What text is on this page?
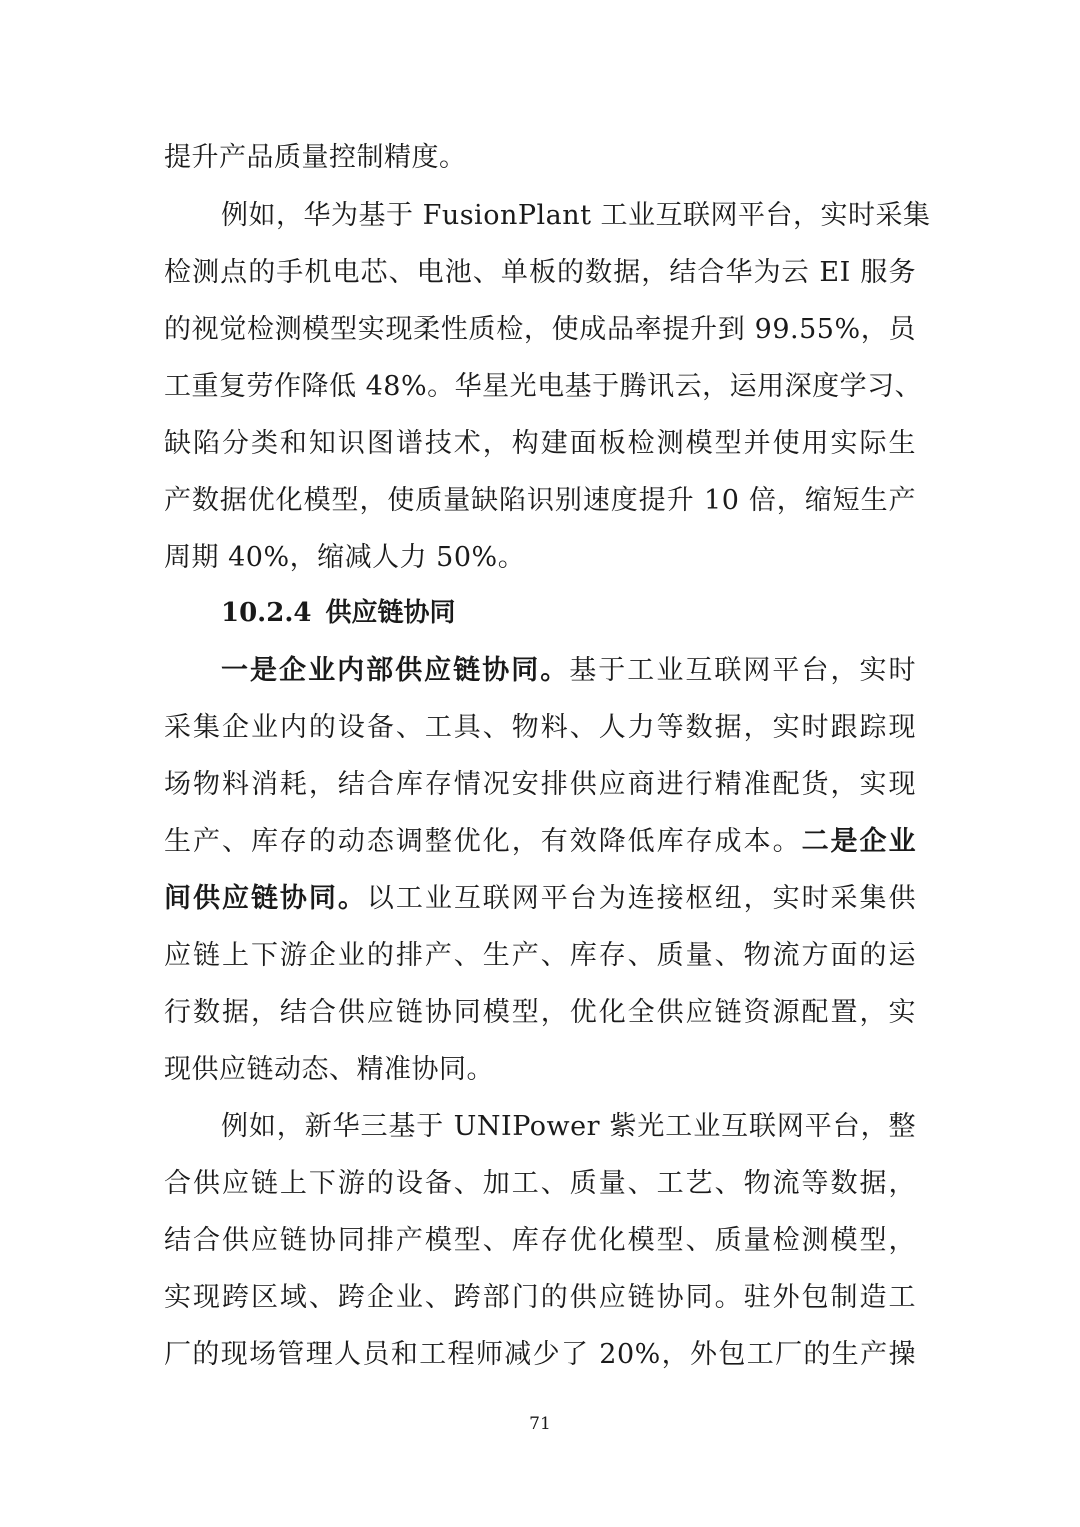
提升产品质量控制精度。
例如，华为基于 FusionPlant 工业互联网平台，实时采集
检测点的手机电芯、电池、单板的数据，结合华为云 EI 服务
的视觉检测模型实现柔性质检，使成品率提升到 99.55%，员
工重复劳作降低 48%。华星光电基于腾讯云，运用深度学习、
缺陷分类和知识图谱技术，构建面板检测模型并使用实际生
产数据优化模型，使质量缺陷识别速度提升 10 倍，缩短生产
周期 40%，缩减人力 50%。
10.2.4 供应链协同
一是企业内部供应链协同。基于工业互联网平台，实时
采集企业内的设备、工具、物料、人力等数据，实时跟踪现
场物料消耗，结合库存情况安排供应商进行精准配货，实现
生产、库存的动态调整优化，有效降低库存成本。二是企业
间供应链协同。以工业互联网平台为连接枢纽，实时采集供
应链上下游企业的排产、生产、库存、质量、物流方面的运
行数据，结合供应链协同模型，优化全供应链资源配置，实
现供应链动态、精准协同。
例如，新华三基于 UNIPower 紫光工业互联网平台，整
合供应链上下游的设备、加工、质量、工艺、物流等数据，
结合供应链协同排产模型、库存优化模型、质量检测模型，
实现跨区域、跨企业、跨部门的供应链协同。驻外包制造工
厂的现场管理人员和工程师减少了 20%，外包工厂的生产操
71
